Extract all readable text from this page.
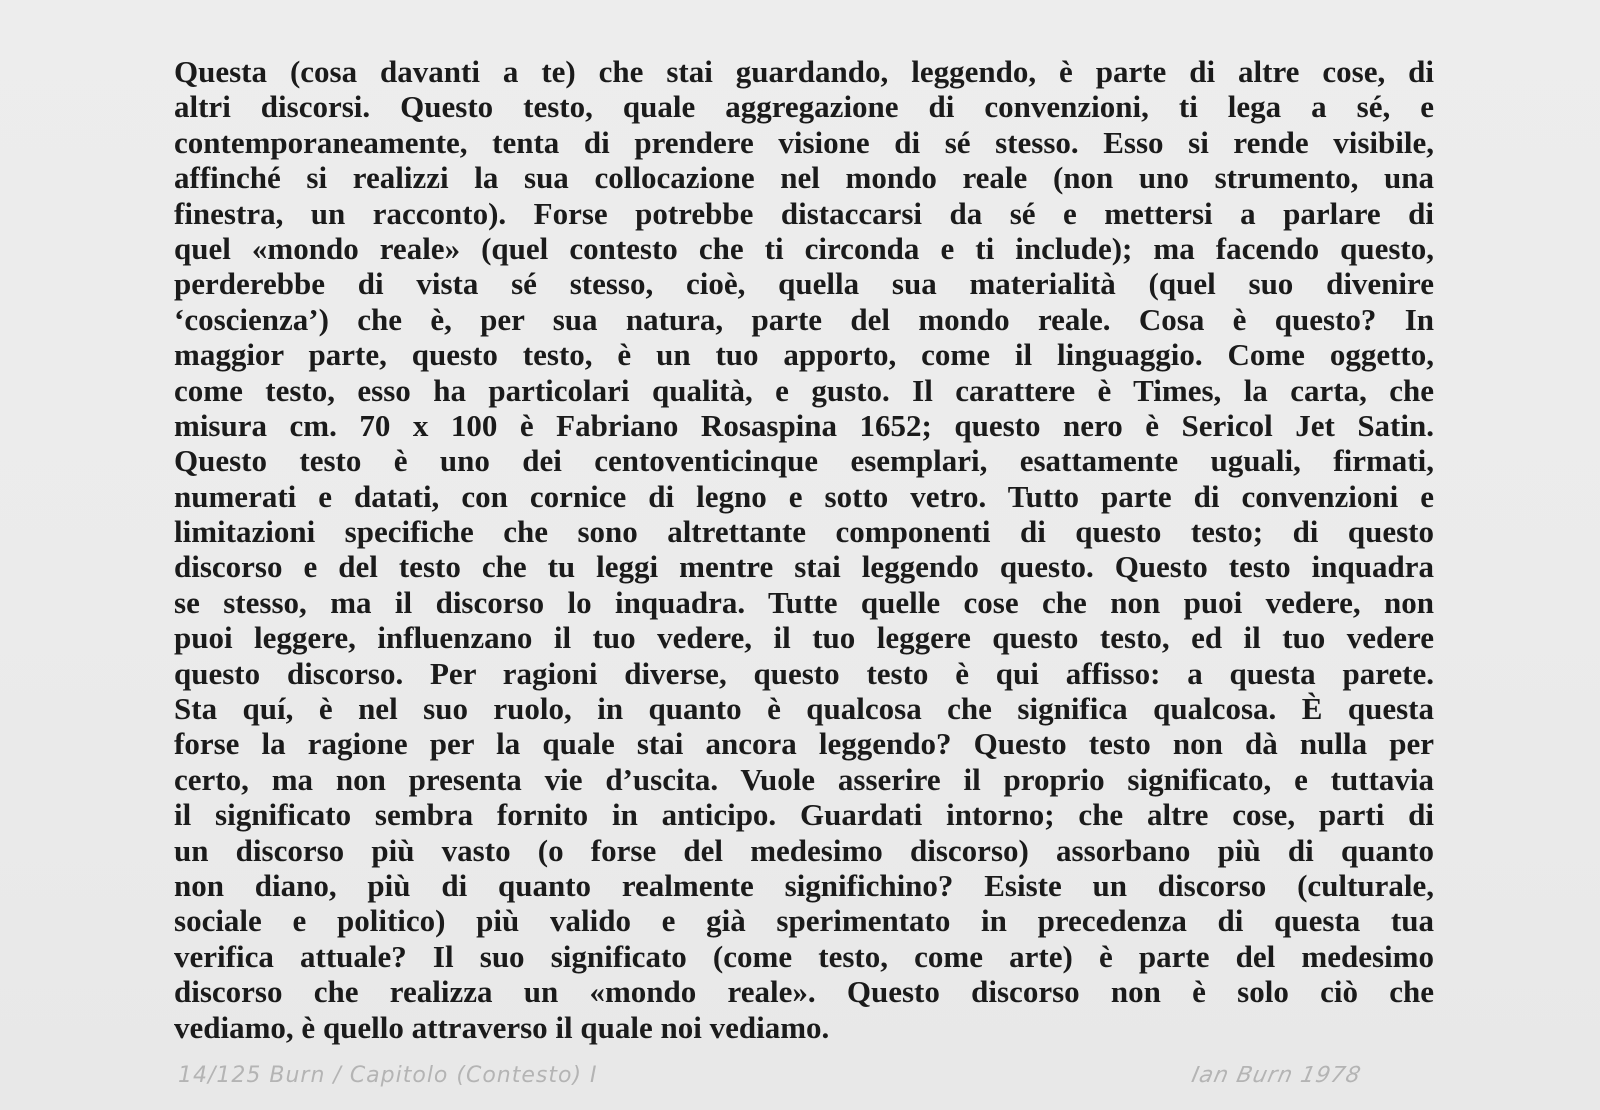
Questa (cosa davanti a te) che stai guardando, leggendo, è parte di altre cose, di
altri discorsi. Questo testo, quale aggregazione di convenzioni, ti lega a sé, e
contemporaneamente, tenta di prendere visione di sé stesso. Esso si rende visibile,
affinché si realizzi la sua collocazione nel mondo reale (non uno strumento, una
finestra, un racconto). Forse potrebbe distaccarsi da sé e mettersi a parlare di
quel «mondo reale» (quel contesto che ti circonda e ti include); ma facendo questo,
perderebbe di vista sé stesso, cioè, quella sua materialità (quel suo divenire
‘coscienza’) che è, per sua natura, parte del mondo reale. Cosa è questo? In
maggior parte, questo testo, è un tuo apporto, come il linguaggio. Come oggetto,
come testo, esso ha particolari qualità, e gusto. Il carattere è Times, la carta, che
misura cm. 70 x 100 è Fabriano Rosaspina 1652; questo nero è Sericol Jet Satin.
Questo testo è uno dei centoventicinque esemplari, esattamente uguali, firmati,
numerati e datati, con cornice di legno e sotto vetro. Tutto parte di convenzioni e
limitazioni specifiche che sono altrettante componenti di questo testo; di questo
discorso e del testo che tu leggi mentre stai leggendo questo. Questo testo inquadra
se stesso, ma il discorso lo inquadra. Tutte quelle cose che non puoi vedere, non
puoi leggere, influenzano il tuo vedere, il tuo leggere questo testo, ed il tuo vedere
questo discorso. Per ragioni diverse, questo testo è qui affisso: a questa parete.
Sta quí, è nel suo ruolo, in quanto è qualcosa che significa qualcosa. È questa
forse la ragione per la quale stai ancora leggendo? Questo testo non dà nulla per
certo, ma non presenta vie d’uscita. Vuole asserire il proprio significato, e tuttavia
il significato sembra fornito in anticipo. Guardati intorno; che altre cose, parti di
un discorso più vasto (o forse del medesimo discorso) assorbano più di quanto
non diano, più di quanto realmente significhino? Esiste un discorso (culturale,
sociale e politico) più valido e già sperimentato in precedenza di questa tua
verifica attuale? Il suo significato (come testo, come arte) è parte del medesimo
discorso che realizza un «mondo reale». Questo discorso non è solo ciò che
vediamo, è quello attraverso il quale noi vediamo.
14/125 Burn / Capitolo (Contesto) I	Ian Burn 1978
